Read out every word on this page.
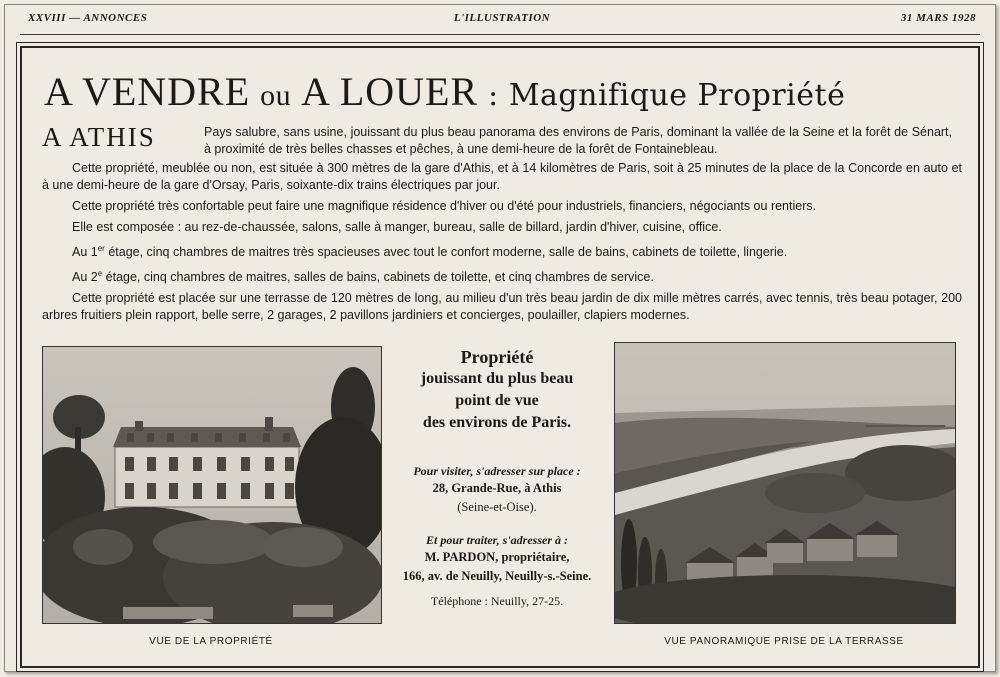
XXVIII — ANNONCES	L'ILLUSTRATION	31 MARS 1928
A VENDRE ou A LOUER : Magnifique Propriété
A ATHIS	Pays salubre, sans usine, jouissant du plus beau panorama des environs de Paris, dominant la vallée de la Seine et la forêt de Sénart, à proximité de très belles chasses et pêches, à une demi-heure de la forêt de Fontainebleau.

Cette propriété, meublée ou non, est située à 300 mètres de la gare d'Athis, et à 14 kilomètres de Paris, soit à 25 minutes de la place de la Concorde en auto et à une demi-heure de la gare d'Orsay, Paris, soixante-dix trains électriques par jour.

Cette propriété très confortable peut faire une magnifique résidence d'hiver ou d'été pour industriels, financiers, négociants ou rentiers.

Elle est composée : au rez-de-chaussée, salons, salle à manger, bureau, salle de billard, jardin d'hiver, cuisine, office.

Au 1er étage, cinq chambres de maitres très spacieuses avec tout le confort moderne, salle de bains, cabinets de toilette, lingerie.

Au 2e étage, cinq chambres de maitres, salles de bains, cabinets de toilette, et cinq chambres de service.

Cette propriété est placée sur une terrasse de 120 mètres de long, au milieu d'un très beau jardin de dix mille mètres carrés, avec tennis, très beau potager, 200 arbres fruitiers plein rapport, belle serre, 2 garages, 2 pavillons jardiniers et concierges, poulailler, clapiers modernes.

Propriété
jouissant du plus beau
point de vue
des environs de Paris.
Pour visiter, s'adresser sur place :
28, Grande-Rue, à Athis
(Seine-et-Oise).
Et pour traiter, s'adresser à :
M. PARDON, propriétaire,
166, av. de Neuilly, Neuilly-s.-Seine.
Téléphone : Neuilly, 27-25.
VUE DE LA PROPRIÉTÉ	VUE PANORAMIQUE PRISE DE LA TERRASSE
